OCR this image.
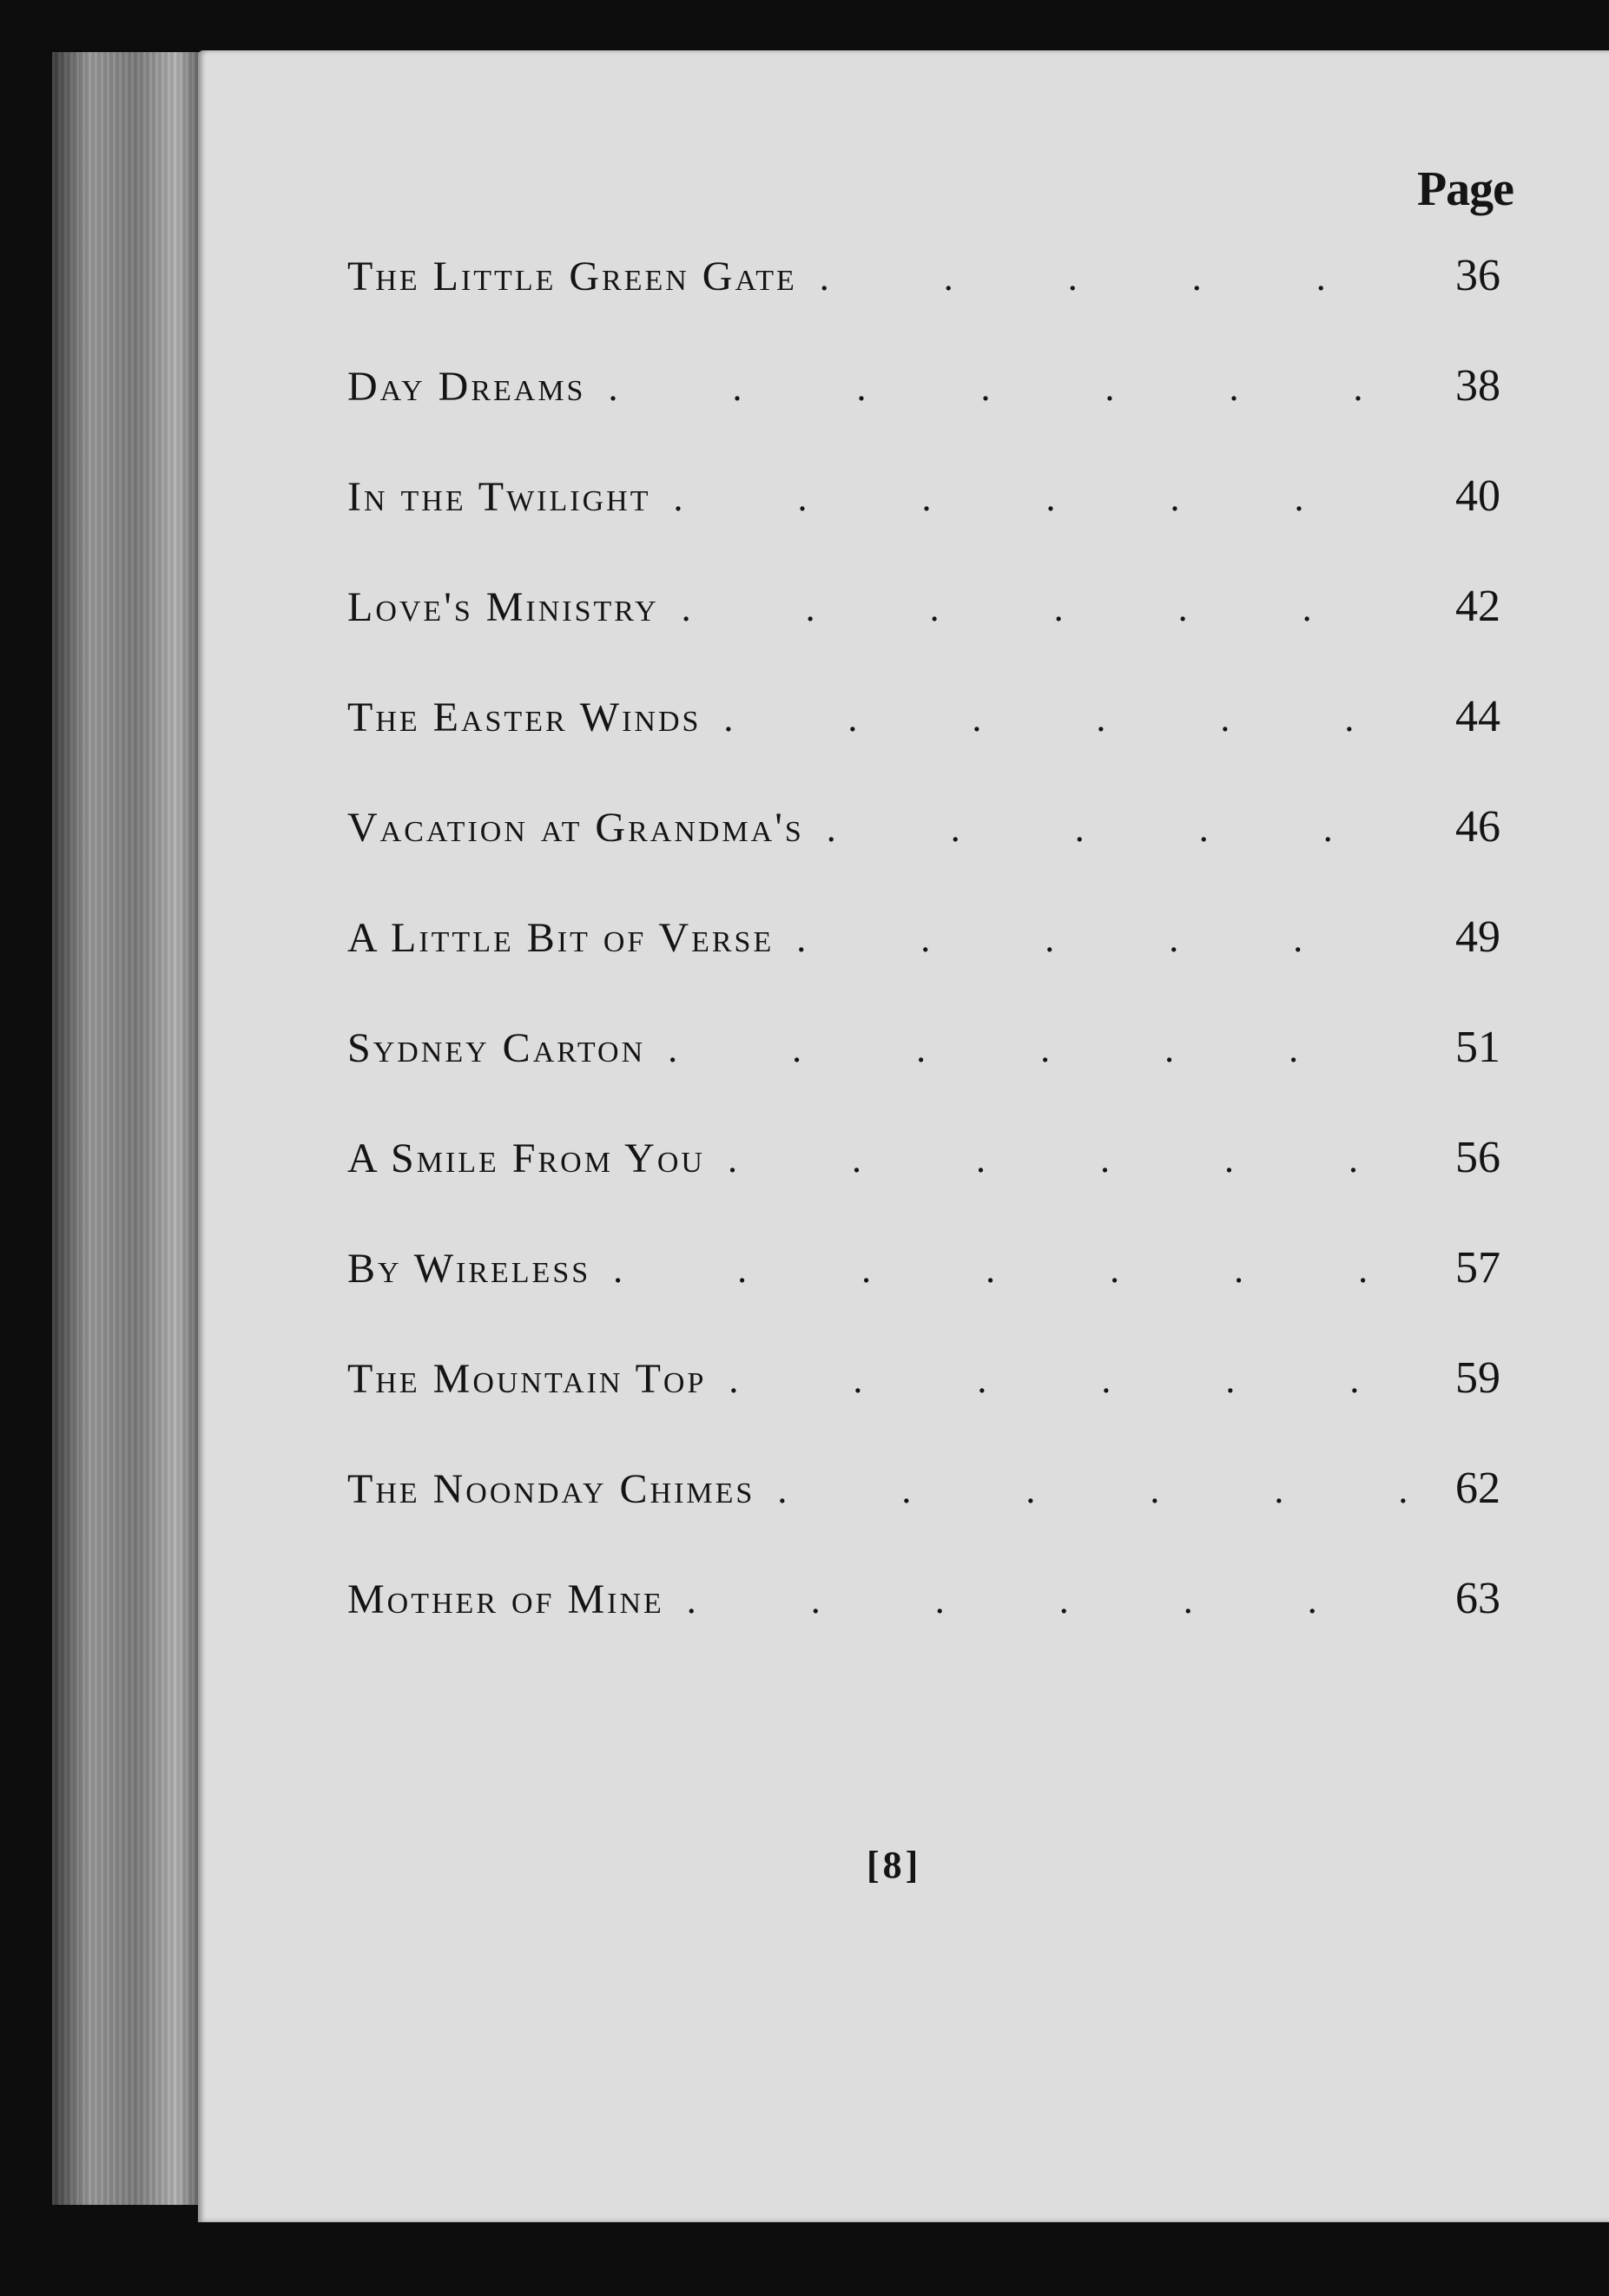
Page
The Little Green Gate .	36
Day Dreams .	38
In the Twilight .	40
Love's Ministry .	42
The Easter Winds .	44
Vacation at Grandma's .	46
A Little Bit of Verse .	49
Sydney Carton .	51
A Smile From You .	56
By Wireless .	57
The Mountain Top .	59
The Noonday Chimes .	62
Mother of Mine .	63

[8]
